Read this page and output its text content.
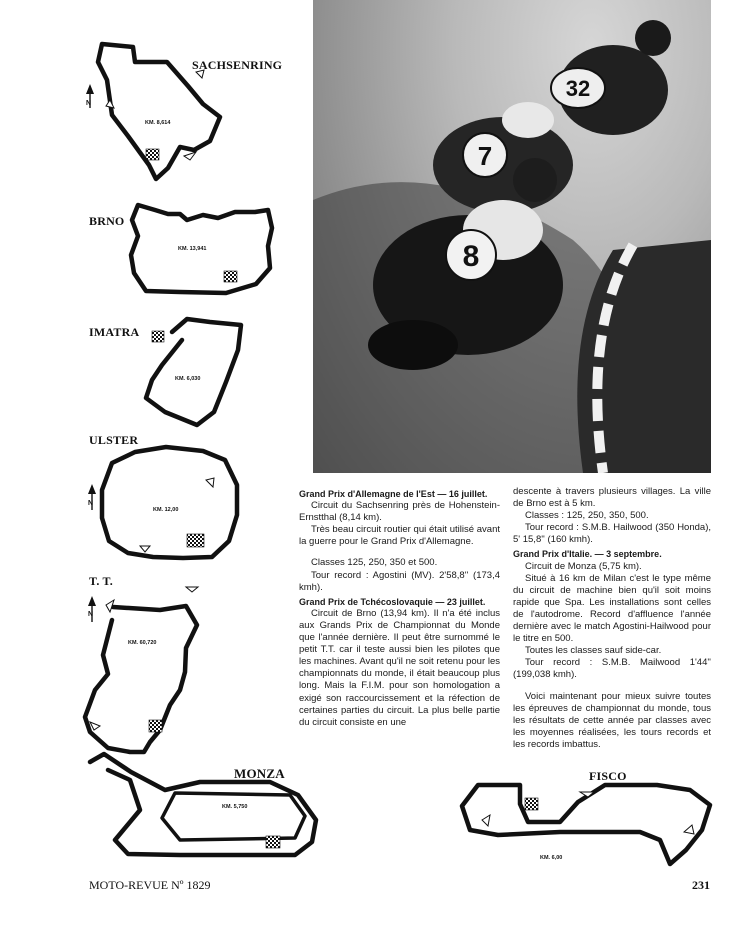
SACHSENRING
BRNO
IMATRA
ULSTER
T. T.
MONZA	FISCO
N
N
N
KM. 8,614
KM. 13,941
KM. 6,030
KM. 12,00
KM. 60,720
KM. 5,750
KM. 6,00
32
7
8

Grand Prix d'Allemagne de l'Est — 16 juillet.

Circuit du Sachsenring près de Hohenstein-Ernstthal (8,14 km).

Très beau circuit routier qui était utilisé avant la guerre pour le Grand Prix d'Allemagne.

Classes 125, 250, 350 et 500.

Tour record : Agostini (MV). 2'58,8'' (173,4 kmh).

Grand Prix de Tchécoslovaquie — 23 juillet.

Circuit de Brno (13,94 km). Il n'a été inclus aux Grands Prix de Championnat du Monde que l'année dernière. Il peut être surnommé le petit T.T. car il teste aussi bien les pilotes que les machines. Avant qu'il ne soit retenu pour les championnats du monde, il était beaucoup plus long. Mais la F.I.M. pour son homologation a exigé son raccourcissement et la réfection de certaines parties du circuit. La plus belle partie du circuit consiste en une

descente à travers plusieurs villages. La ville de Brno est à 5 km.

Classes : 125, 250, 350, 500.

Tour record : S.M.B. Hailwood (350 Honda), 5' 15,8'' (160 kmh).

Grand Prix d'Italie. — 3 septembre.

Circuit de Monza (5,75 km).

Situé à 16 km de Milan c'est le type même du circuit de machine bien qu'il soit moins rapide que Spa. Les installations sont celles de l'autodrome. Record d'affluence l'année dernière avec le match Agostini-Hailwood pour le titre en 500.

Toutes les classes sauf side-car.

Tour record : S.M.B. Mailwood 1'44'' (199,038 kmh).

Voici maintenant pour mieux suivre toutes les épreuves de championnat du monde, tous les résultats de cette année par classes avec les moyennes réalisées, les tours records et les records imbattus.

MOTO-REVUE Nº 1829	231
